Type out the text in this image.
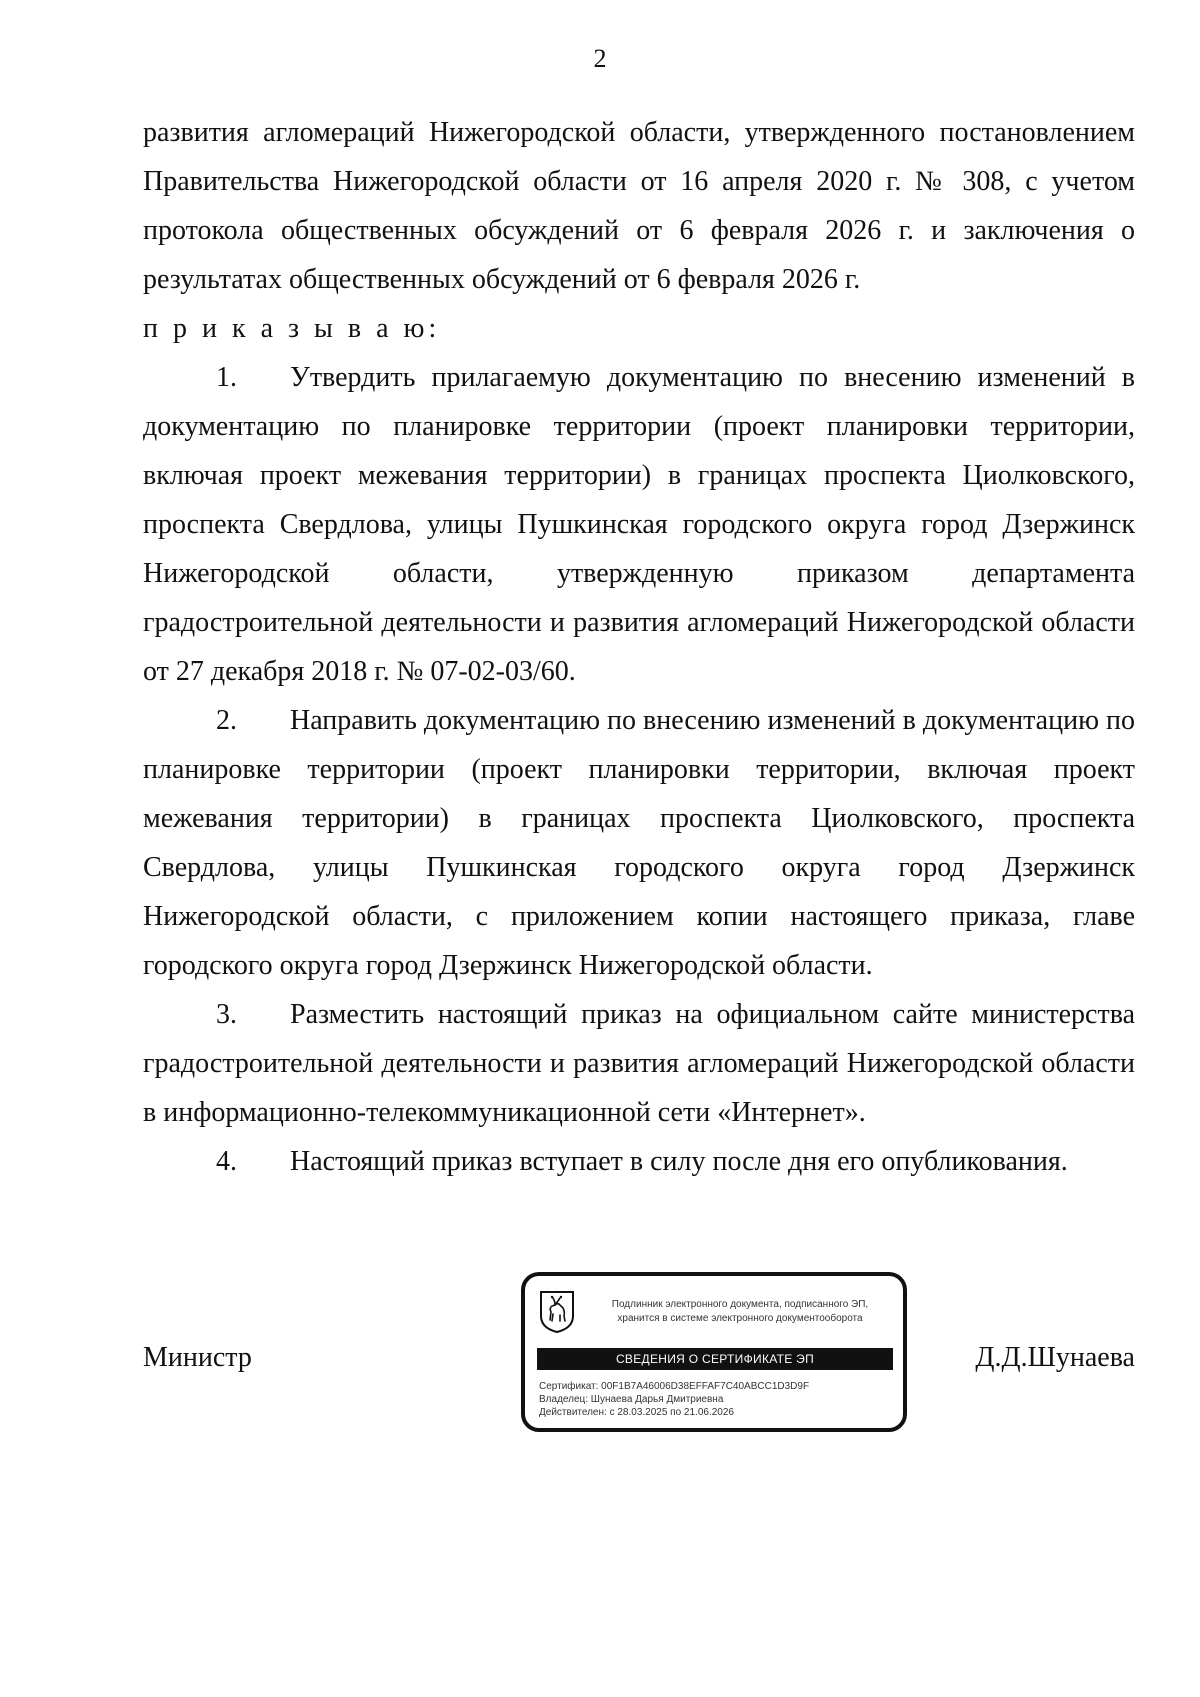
2

развития агломераций Нижегородской области, утвержденного постановлением Правительства Нижегородской области от 16 апреля 2020 г. № 308, с учетом протокола общественных обсуждений от 6 февраля 2026 г. и заключения о результатах общественных обсуждений от 6 февраля 2026 г.

п р и к а з ы в а ю:

1. Утвердить прилагаемую документацию по внесению изменений в документацию по планировке территории (проект планировки территории, включая проект межевания территории) в границах проспекта Циолковского, проспекта Свердлова, улицы Пушкинская городского округа город Дзержинск Нижегородской области, утвержденную приказом департамента градостроительной деятельности и развития агломераций Нижегородской области от 27 декабря 2018 г. № 07-02-03/60.

2. Направить документацию по внесению изменений в документацию по планировке территории (проект планировки территории, включая проект межевания территории) в границах проспекта Циолковского, проспекта Свердлова, улицы Пушкинская городского округа город Дзержинск Нижегородской области, с приложением копии настоящего приказа, главе городского округа город Дзержинск Нижегородской области.

3. Разместить настоящий приказ на официальном сайте министерства градостроительной деятельности и развития агломераций Нижегородской области в информационно-телекоммуникационной сети «Интернет».

4. Настоящий приказ вступает в силу после дня его опубликования.

Министр	Д.Д.Шунаева
Подлинник электронного документа, подписанного ЭП,
хранится в системе электронного документооборота
СВЕДЕНИЯ О СЕРТИФИКАТЕ ЭП
Сертификат: 00F1B7A46006D38EFFAF7C40ABCC1D3D9F
Владелец: Шунаева Дарья Дмитриевна
Действителен: с 28.03.2025 по 21.06.2026
